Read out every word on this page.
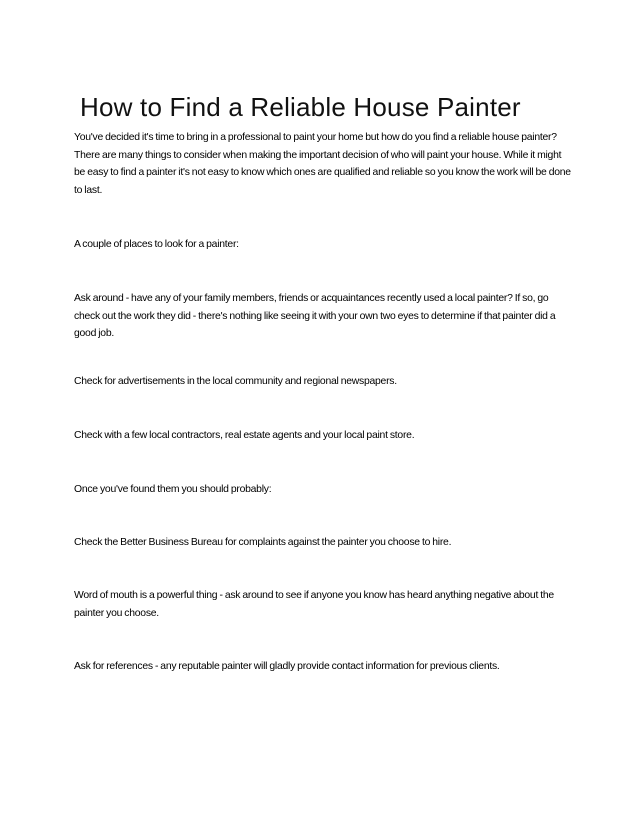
How to Find a Reliable House Painter

You've decided it's time to bring in a professional to paint your home but how do you find a reliable house painter? There are many things to consider when making the important decision of who will paint your house. While it might be easy to find a painter it's not easy to know which ones are qualified and reliable so you know the work will be done to last.

A couple of places to look for a painter:

Ask around - have any of your family members, friends or acquaintances recently used a local painter? If so, go check out the work they did - there's nothing like seeing it with your own two eyes to determine if that painter did a good job.

Check for advertisements in the local community and regional newspapers.

Check with a few local contractors, real estate agents and your local paint store.

Once you've found them you should probably:

Check the Better Business Bureau for complaints against the painter you choose to hire.

Word of mouth is a powerful thing - ask around to see if anyone you know has heard anything negative about the painter you choose.

Ask for references - any reputable painter will gladly provide contact information for previous clients.
